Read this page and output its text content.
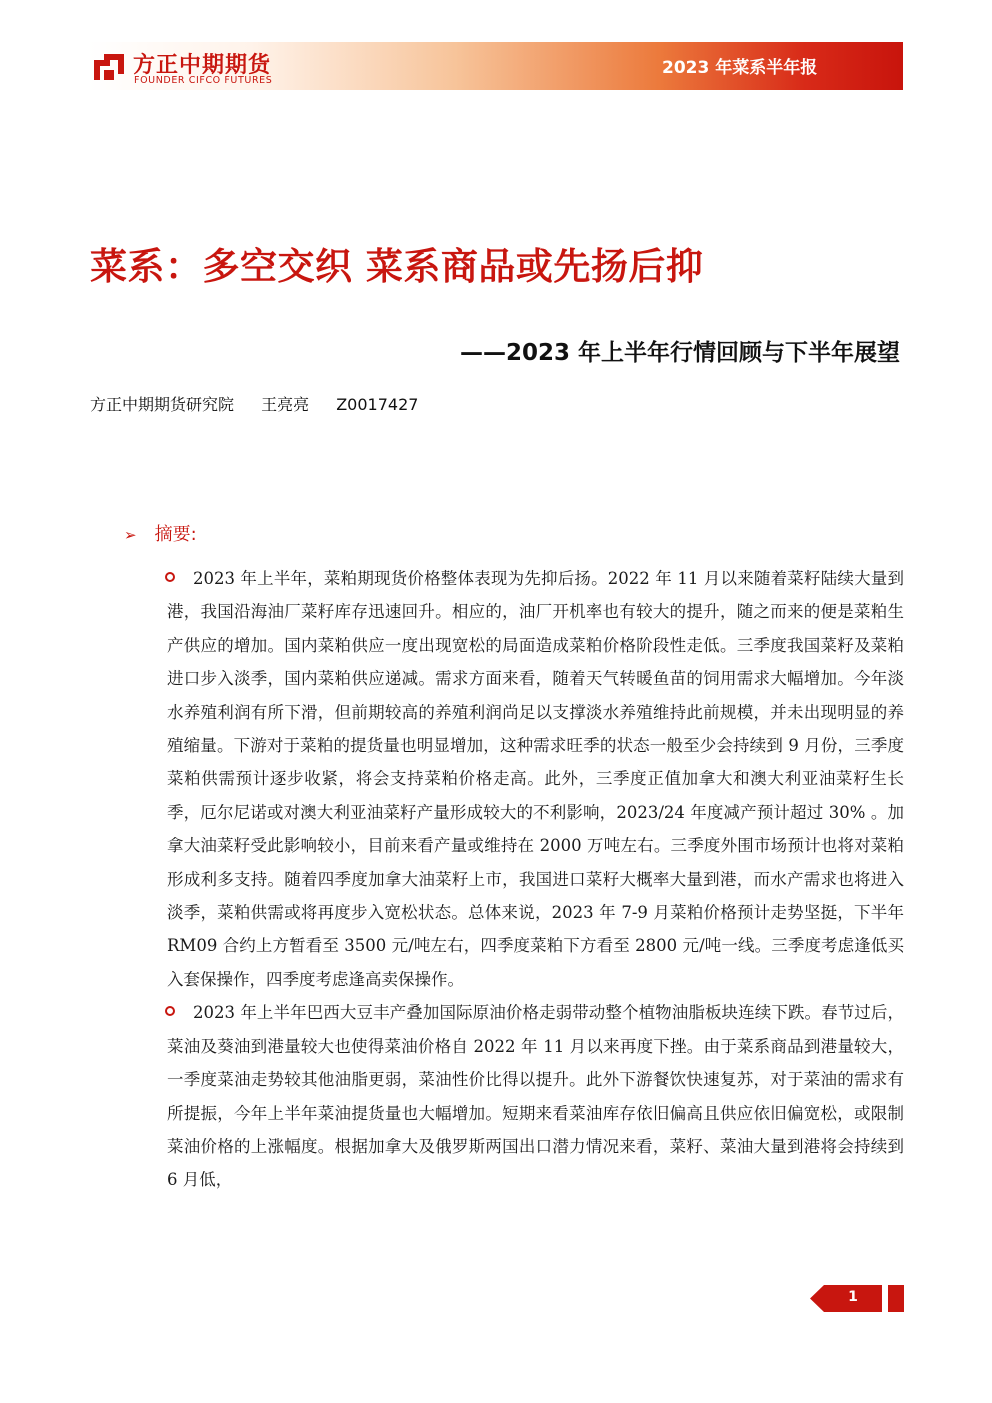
方正中期期货
FOUNDER CIFCO FUTURES
2023 年菜系半年报
菜系：多空交织 菜系商品或先扬后抑
——2023 年上半年行情回顾与下半年展望
方正中期期货研究院 王亮亮 Z0017427
➢ 摘要:

2023 年上半年，菜粕期现货价格整体表现为先抑后扬。2022 年 11 月以来随着菜籽陆续大量到港，我国沿海油厂菜籽库存迅速回升。相应的，油厂开机率也有较大的提升，随之而来的便是菜粕生产供应的增加。国内菜粕供应一度出现宽松的局面造成菜粕价格阶段性走低。三季度我国菜籽及菜粕进口步入淡季，国内菜粕供应递减。需求方面来看，随着天气转暖鱼苗的饲用需求大幅增加。今年淡水养殖利润有所下滑，但前期较高的养殖利润尚足以支撑淡水养殖维持此前规模，并未出现明显的养殖缩量。下游对于菜粕的提货量也明显增加，这种需求旺季的状态一般至少会持续到 9 月份，三季度菜粕供需预计逐步收紧，将会支持菜粕价格走高。此外，三季度正值加拿大和澳大利亚油菜籽生长季，厄尔尼诺或对澳大利亚油菜籽产量形成较大的不利影响，2023/24 年度减产预计超过 30% 。加拿大油菜籽受此影响较小，目前来看产量或维持在 2000 万吨左右。三季度外围市场预计也将对菜粕形成利多支持。随着四季度加拿大油菜籽上市，我国进口菜籽大概率大量到港，而水产需求也将进入淡季，菜粕供需或将再度步入宽松状态。总体来说，2023 年 7-9 月菜粕价格预计走势坚挺，下半年 RM09 合约上方暂看至 3500 元/吨左右，四季度菜粕下方看至 2800 元/吨一线。三季度考虑逢低买入套保操作，四季度考虑逢高卖保操作。

2023 年上半年巴西大豆丰产叠加国际原油价格走弱带动整个植物油脂板块连续下跌。春节过后，菜油及葵油到港量较大也使得菜油价格自 2022 年 11 月以来再度下挫。由于菜系商品到港量较大，一季度菜油走势较其他油脂更弱，菜油性价比得以提升。此外下游餐饮快速复苏，对于菜油的需求有所提振，今年上半年菜油提货量也大幅增加。短期来看菜油库存依旧偏高且供应依旧偏宽松，或限制菜油价格的上涨幅度。根据加拿大及俄罗斯两国出口潜力情况来看，菜籽、菜油大量到港将会持续到 6 月低，

1
